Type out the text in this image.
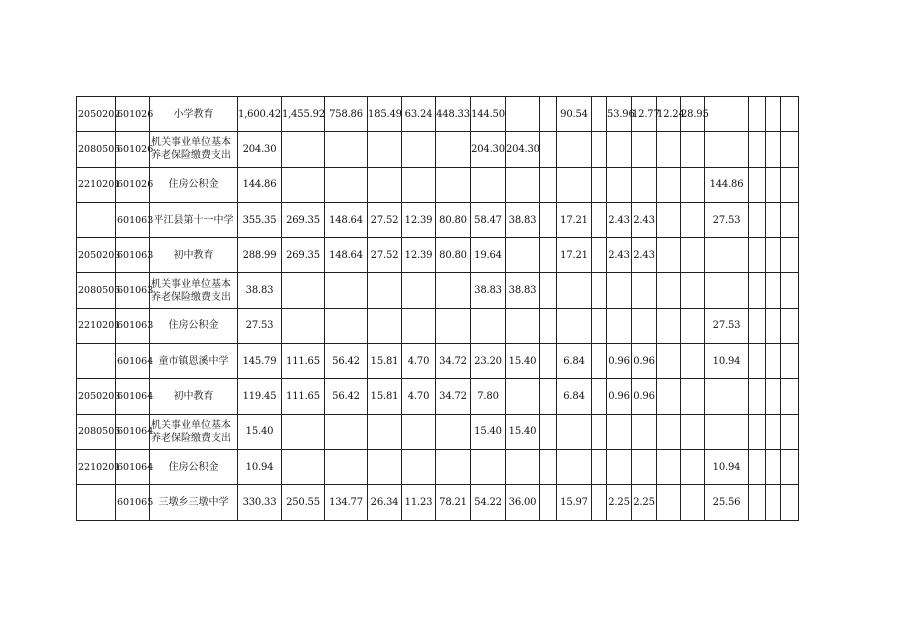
2050202	601026	小学教育	1,600.42	1,455.92	758.86	185.49	63.24	448.33	144.50			90.54		53.96	12.77	12.24	28.95				
2080505	601026	机关事业单位基本养老保险缴费支出	204.30						204.30	204.30											
2210201	601026	住房公积金	144.86															144.86			
	601063	平江县第十一中学	355.35	269.35	148.64	27.52	12.39	80.80	58.47	38.83		17.21		2.43	2.43			27.53			
2050203	601063	初中教育	288.99	269.35	148.64	27.52	12.39	80.80	19.64			17.21		2.43	2.43						
2080505	601063	机关事业单位基本养老保险缴费支出	38.83						38.83	38.83											
2210201	601063	住房公积金	27.53															27.53			
	601064	童市镇恩溪中学	145.79	111.65	56.42	15.81	4.70	34.72	23.20	15.40		6.84		0.96	0.96			10.94			
2050203	601064	初中教育	119.45	111.65	56.42	15.81	4.70	34.72	7.80			6.84		0.96	0.96						
2080505	601064	机关事业单位基本养老保险缴费支出	15.40						15.40	15.40											
2210201	601064	住房公积金	10.94															10.94			
	601065	三墩乡三墩中学	330.33	250.55	134.77	26.34	11.23	78.21	54.22	36.00		15.97		2.25	2.25			25.56			
